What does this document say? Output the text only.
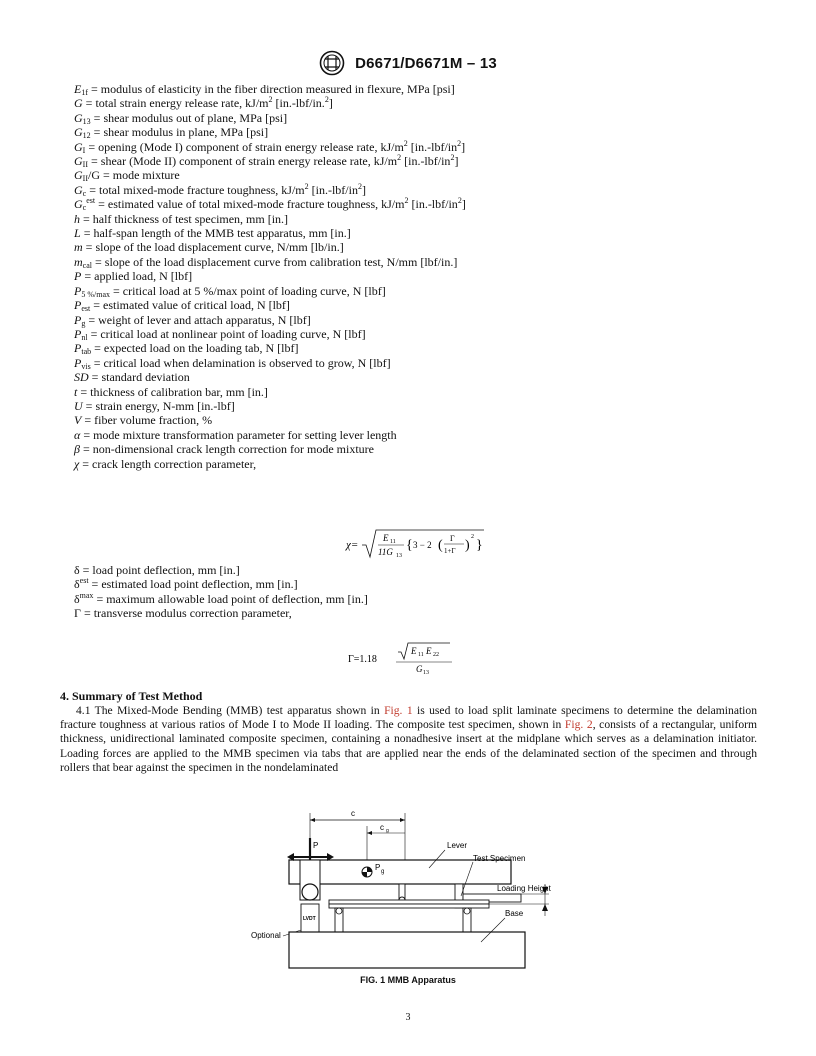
D6671/D6671M – 13
$E_{1f}$ = modulus of elasticity in the fiber direction measured in flexure, MPa [psi]
G = total strain energy release rate, $kJ/m^2$ [in.-lbf/in.$^2$]
$G_{13}$ = shear modulus out of plane, MPa [psi]
$G_{12}$ = shear modulus in plane, MPa [psi]
$G_I$ = opening (Mode I) component of strain energy release rate, $kJ/m^2$ $[in.-lbf/in^2]$
$G_{II}$ = shear (Mode II) component of strain energy release rate, $kJ/m^2$ $[in.-lbf/in^2]$
$G_{II}/G$ = mode mixture
$G_c$ = total mixed-mode fracture toughness, $kJ/m^2$ $[in.-lbf/in^2]$
$G_c^{est}$ = estimated value of total mixed-mode fracture toughness, $kJ/m^2$ $[in.-lbf/in^2]$
h = half thickness of test specimen, mm [in.]
L = half-span length of the MMB test apparatus, mm [in.]
m = slope of the load displacement curve, N/mm [lb/in.]
$m_{cal}$ = slope of the load displacement curve from calibration test, N/mm [lbf/in.]
P = applied load, N [lbf]
$P_{5 \%/max}$ = critical load at 5 %/max point of loading curve, N [lbf]
$P_{est}$ = estimated value of critical load, N [lbf]
$P_g$ = weight of lever and attach apparatus, N [lbf]
$P_{nl}$ = critical load at nonlinear point of loading curve, N [lbf]
$P_{tab}$ = expected load on the loading tab, N [lbf]
$P_{vis}$ = critical load when delamination is observed to grow, N [lbf]
SD = standard deviation
t = thickness of calibration bar, mm [in.]
U = strain energy, N-mm [in.-lbf]
V = fiber volume fraction, %
α = mode mixture transformation parameter for setting lever length
β = non-dimensional crack length correction for mode mixture
χ = crack length correction parameter,
χ=
E 11
11G 13
{ 3 − 2 ( Γ
1+Γ )
2
}
δ = load point deflection, mm [in.]
$\delta^{est}$ = estimated load point deflection, mm [in.]
$\delta^{max}$ = maximum allowable load point of deflection, mm [in.]
Γ = transverse modulus correction parameter,
Γ=1.18
E 11 E 22
G 13
4. Summary of Test Method
4.1 The Mixed-Mode Bending (MMB) test apparatus shown in Fig. 1 is used to load split laminate specimens to determine the delamination fracture toughness at various ratios of Mode I to Mode II loading. The composite test specimen, shown in Fig. 2, consists of a rectangular, uniform thickness, unidirectional laminated composite specimen, containing a nonadhesive insert at the midplane which serves as a delamination initiator. Loading forces are applied to the MMB specimen via tabs that are applied near the ends of the delaminated section of the specimen and through rollers that bear against the specimen in the nondelaminated
c
c g
P g
P	Lever
Test Specimen
Loading Height
LVDT
Optional
Base
FIG. 1 MMB Apparatus
3
